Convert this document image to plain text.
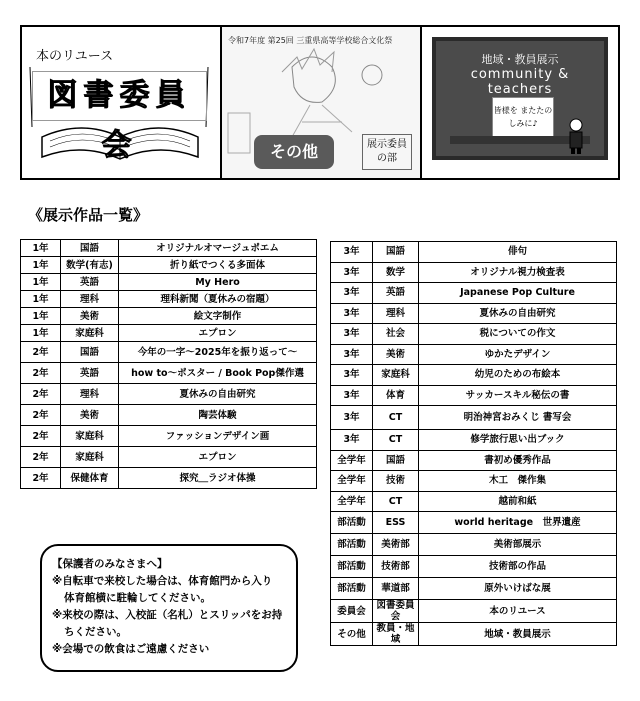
本のリユース
図書委員会
令和7年度 第25回 三重県高等学校総合文化祭
その他	展示委員の部
地域・教員展示
community & teachers
皆様を またたのしみに♪
《展示作品一覧》
1年	国語	オリジナルオマージュポエム
1年	数学(有志)	折り紙でつくる多面体
1年	英語	My Hero
1年	理科	理科新聞（夏休みの宿題）
1年	美術	絵文字制作
1年	家庭科	エプロン
2年	国語	今年の一字～2025年を振り返って～
2年	英語	how to～ポスター / Book Pop傑作選
2年	理科	夏休みの自由研究
2年	美術	陶芸体験
2年	家庭科	ファッションデザイン画
2年	家庭科	エプロン
2年	保健体育	探究＿ラジオ体操
3年	国語	俳句
3年	数学	オリジナル視力検査表
3年	英語	Japanese Pop Culture
3年	理科	夏休みの自由研究
3年	社会	税についての作文
3年	美術	ゆかたデザイン
3年	家庭科	幼児のための布絵本
3年	体育	サッカースキル秘伝の書
3年	CT	明治神宮おみくじ 書写会
3年	CT	修学旅行思い出ブック
全学年	国語	書初め優秀作品
全学年	技術	木工　傑作集
全学年	CT	越前和紙
部活動	ESS	world heritage　世界遺産
部活動	美術部	美術部展示
部活動	技術部	技術部の作品
部活動	華道部	原外いけばな展
委員会	図書委員会	本のリユース
その他	教員・地域	地域・教員展示
【保護者のみなさまへ】
※自転車で来校した場合は、体育館門から入り
体育館横に駐輪してください。
※来校の際は、入校証（名札）とスリッパをお持
ちください。
※会場での飲食はご遠慮ください
